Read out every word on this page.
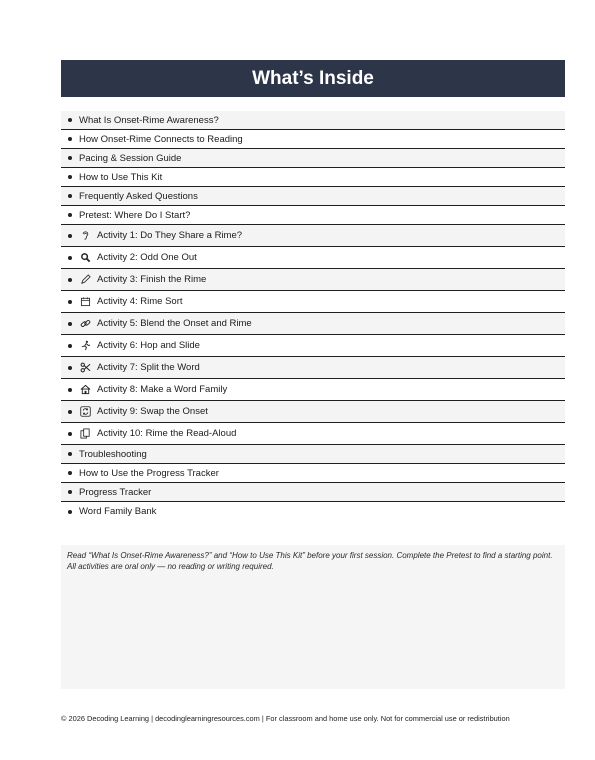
What’s Inside
What Is Onset-Rime Awareness?
How Onset-Rime Connects to Reading
Pacing & Session Guide
How to Use This Kit
Frequently Asked Questions
Pretest: Where Do I Start?
Activity 1: Do They Share a Rime?
Activity 2: Odd One Out
Activity 3: Finish the Rime
Activity 4: Rime Sort
Activity 5: Blend the Onset and Rime
Activity 6: Hop and Slide
Activity 7: Split the Word
Activity 8: Make a Word Family
Activity 9: Swap the Onset
Activity 10: Rime the Read-Aloud
Troubleshooting
How to Use the Progress Tracker
Progress Tracker
Word Family Bank
Read “What Is Onset-Rime Awareness?” and “How to Use This Kit” before your first session. Complete the Pretest to find a starting point. All activities are oral only — no reading or writing required.
© 2026 Decoding Learning | decodinglearningresources.com | For classroom and home use only. Not for commercial use or redistribution
